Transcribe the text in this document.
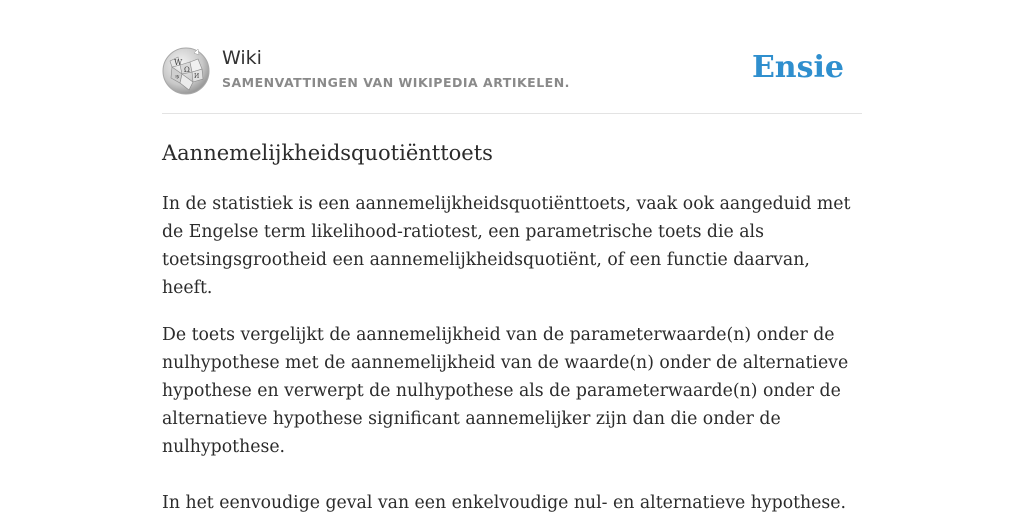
W
Ω
И
ক
Wiki
SAMENVATTINGEN VAN WIKIPEDIA ARTIKELEN.	Ensie
Aannemelijkheidsquotiënttoets

In de statistiek is een aannemelijkheidsquotiënttoets, vaak ook aangeduid met de Engelse term likelihood-ratiotest, een parametrische toets die als toetsingsgrootheid een aannemelijkheidsquotiënt, of een functie daarvan, heeft.

De toets vergelijkt de aannemelijkheid van de parameterwaarde(n) onder de nulhypothese met de aannemelijkheid van de waarde(n) onder de alternatieve hypothese en verwerpt de nulhypothese als de parameterwaarde(n) onder de alternatieve hypothese significant aannemelijker zijn dan die onder de nulhypothese.

In het eenvoudige geval van een enkelvoudige nul- en alternatieve hypothese.
